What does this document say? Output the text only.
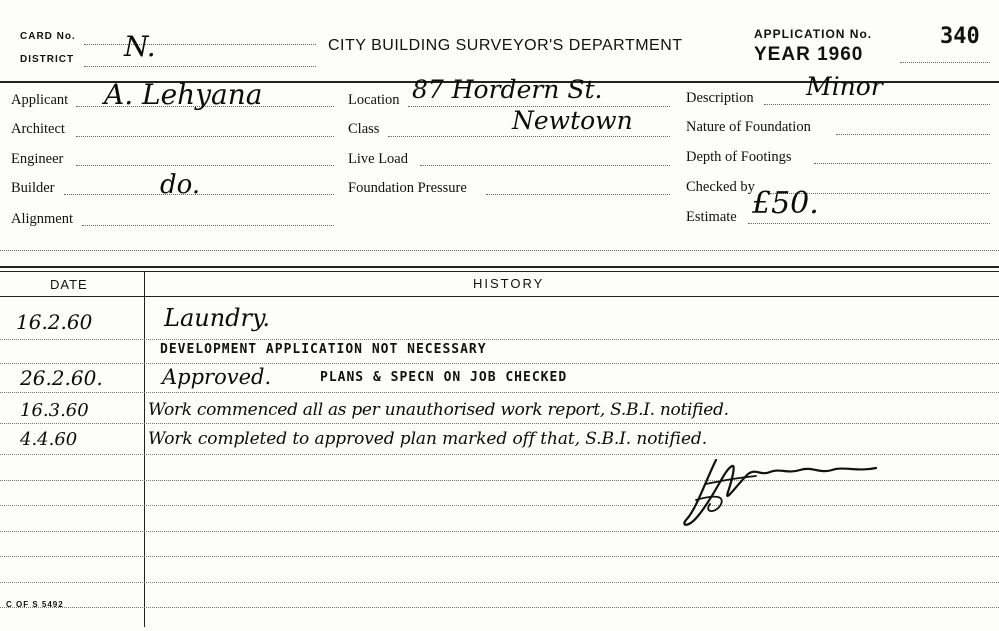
CARD No.
DISTRICT N.	CITY BUILDING SURVEYOR'S DEPARTMENT
APPLICATION No.
YEAR 1960
340
Applicant A. Lehyana
Architect
Engineer
Builder	do.
Alignment
Location 87 Hordern St.
Class	Newtown
Live Load
Foundation Pressure
Description Minor
Nature of Foundation
Depth of Footings
Checked by
Estimate £50.
DATE	HISTORY
16.2.60	Laundry.
DEVELOPMENT APPLICATION NOT NECESSARY
26.2.60.	Approved.	PLANS & SPECN ON JOB CHECKED
16.3.60	Work commenced all as per unauthorised work report, S.B.I. notified.
4.4.60	Work completed to approved plan marked off that, S.B.I. notified.
C OF S 5492
